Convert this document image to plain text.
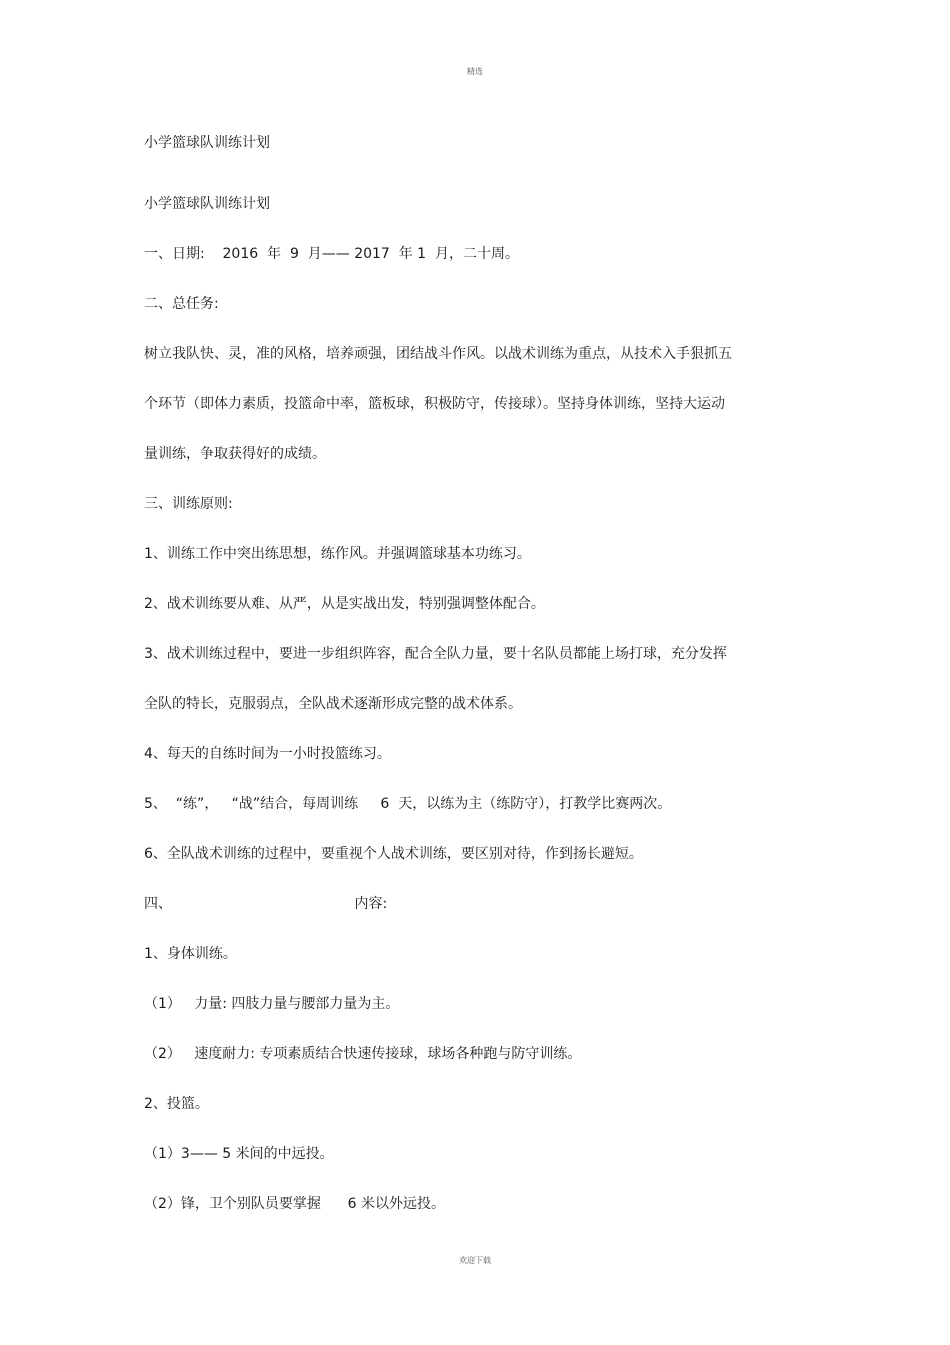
精选
小学篮球队训练计划
小学篮球队训练计划
一、日期:    2016  年  9  月—— 2017  年 1  月，二十周。
二、总任务:
树立我队快、灵，准的风格，培养顽强，团结战斗作风。以战术训练为重点，从技术入手狠抓五
个环节（即体力素质，投篮命中率，篮板球，积极防守，传接球）。坚持身体训练，坚持大运动
量训练，争取获得好的成绩。
三、训练原则:
1、训练工作中突出练思想，练作风。并强调篮球基本功练习。
2、战术训练要从难、从严，从是实战出发，特别强调整体配合。
3、战术训练过程中，要进一步组织阵容，配合全队力量，要十名队员都能上场打球，充分发挥
全队的特长，克服弱点，全队战术逐渐形成完整的战术体系。
4、每天的自练时间为一小时投篮练习。
5、  “练”，   “战”结合，每周训练     6  天，以练为主（练防守），打教学比赛两次。
6、全队战术训练的过程中，要重视个人战术训练，要区别对待，作到扬长避短。
四、                                         内容:
1、身体训练。
（1）   力量: 四肢力量与腰部力量为主。
（2）   速度耐力: 专项素质结合快速传接球，球场各种跑与防守训练。
2、投篮。
（1）3—— 5 米间的中远投。
（2）锋，卫个别队员要掌握      6 米以外远投。
欢迎下载
